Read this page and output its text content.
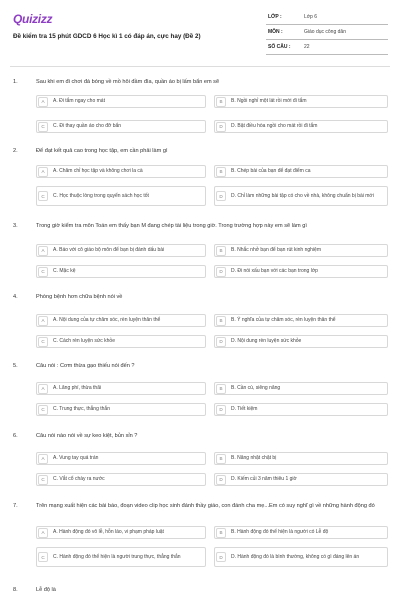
Quizizz
Đề kiểm tra 15 phút GDCD 6 Học kì 1 có đáp án, cực hay (Đề 2)
LỚP :	Lớp 6
MÔN :	Giáo dục công dân
SỐ CÂU :	22
1.	Sau khi em đi chơi đá bóng về mồ hôi đầm đìa, quần áo bị lấm bẩn em sẽ
A	A. Đi tắm ngay cho mát	B	B. Ngồi nghỉ một lát rồi mới đi tắm
C	C. Đi thay quần áo cho đỡ bẩn	D	D. Bật điều hòa ngồi cho mát rồi đi tắm
2.	Để đạt kết quả cao trong học tập, em cần phải làm gì
A	A. Chăm chỉ học tập và không chơi la cà	B	B. Chép bài của bạn để đạt điểm ca
C	C. Học thuộc lòng trong quyển sách học tốt	D	D. Chỉ làm những bài tập có cho về nhà, không chuẩn bị bài mới
3.	Trong giờ kiểm tra môn Toán em thấy bạn M đang chép tài liệu trong giờ. Trong trường hợp này em sẽ làm gì
A	A. Báo với cô giáo bộ môn để bạn bị đánh dấu bài	B	B. Nhắc nhở bạn để bạn rút kinh nghiệm
C	C. Mặc kệ	D	D. Đi nói xấu bạn với các bạn trong lớp
4.	Phòng bệnh hơn chữa bệnh nói về
A	A. Nội dung của tự chăm sóc, rèn luyện thân thể	B	B. Ý nghĩa của tự chăm sóc, rèn luyện thân thể
C	C. Cách rèn luyện sức khỏe	D	D. Nội dung rèn luyện sức khỏe
5.	Câu nói : Cơm thừa gạo thiếu nói đến ?
A	A. Lãng phí, thừa thãi	B	B. Cần cù, siêng năng
C	C. Trung thực, thẳng thắn	D	D. Tiết kiệm
6.	Câu nói nào nói về sự keo kiệt, bủn xỉn ?
A	A. Vung tay quá trán	B	B. Năng nhặt chặt bị
C	C. Vắt cổ chày ra nước	D	D. Kiếm củi 3 năm thiêu 1 giờ
7.	Trên mạng xuất hiện các bài báo, đoạn video clip học sinh đánh thầy giáo, con đánh cha mẹ...Em có suy nghĩ gì về những hành động đó
A	A. Hành động đó vô lễ, hỗn láo, vi phạm pháp luật	B	B. Hành động đó thể hiện là người có Lễ độ
C	C. Hành động đó thể hiện là người trung thực, thẳng thắn	D	D. Hành động đó là bình thường, không có gì đáng lên án
8.	Lễ độ là
